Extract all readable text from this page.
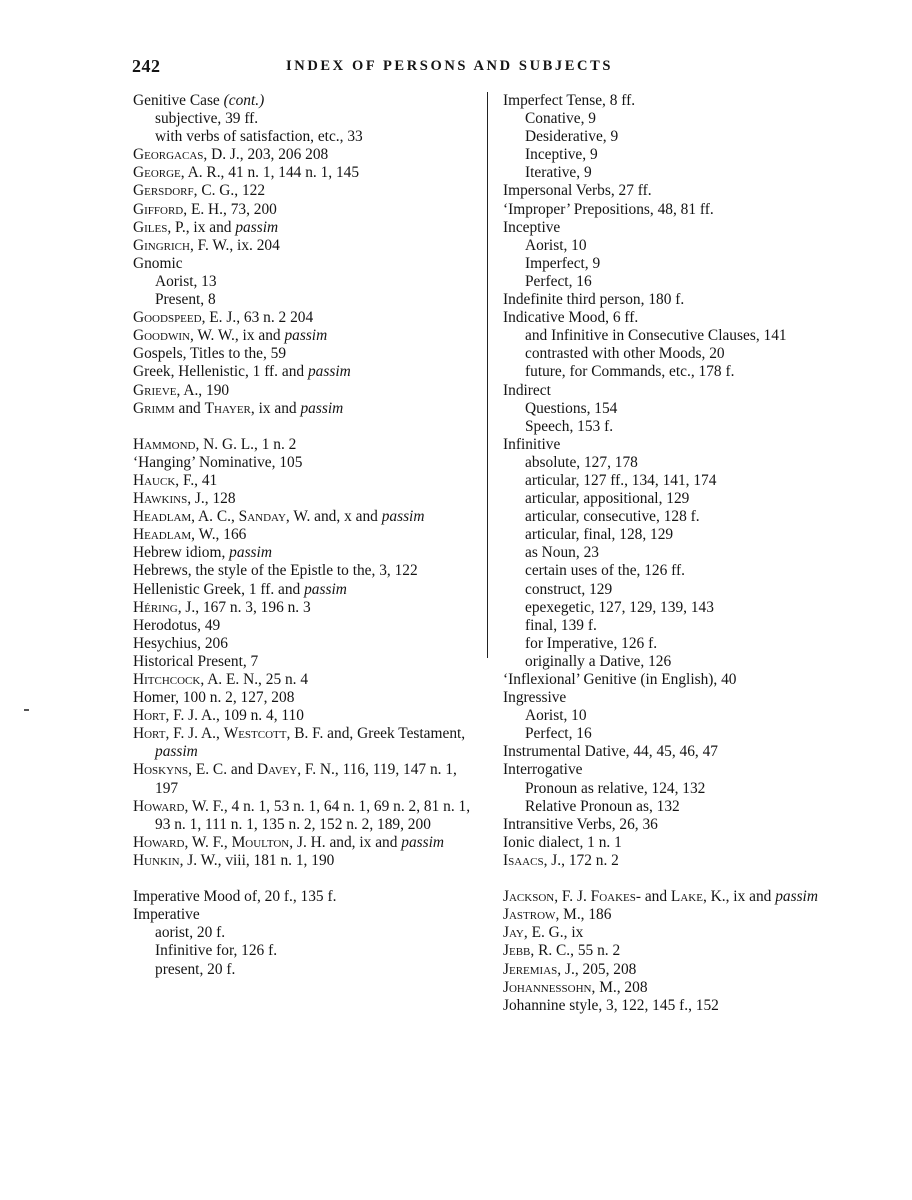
242	INDEX OF PERSONS AND SUBJECTS
Genitive Case (cont.)
subjective, 39 ff.
with verbs of satisfaction, etc., 33
Georgacas, D. J., 203, 206 208
George, A. R., 41 n. 1, 144 n. 1, 145
Gersdorf, C. G., 122
Gifford, E. H., 73, 200
Giles, P., ix and passim
Gingrich, F. W., ix. 204
Gnomic
Aorist, 13
Present, 8
Goodspeed, E. J., 63 n. 2 204
Goodwin, W. W., ix and passim
Gospels, Titles to the, 59
Greek, Hellenistic, 1 ff. and passim
Grieve, A., 190
Grimm and Thayer, ix and passim
Hammond, N. G. L., 1 n. 2
‘Hanging’ Nominative, 105
Hauck, F., 41
Hawkins, J., 128
Headlam, A. C., Sanday, W. and, x and passim
Headlam, W., 166
Hebrew idiom, passim
Hebrews, the style of the Epistle to the, 3, 122
Hellenistic Greek, 1 ff. and passim
Héring, J., 167 n. 3, 196 n. 3
Herodotus, 49
Hesychius, 206
Historical Present, 7
Hitchcock, A. E. N., 25 n. 4
Homer, 100 n. 2, 127, 208
Hort, F. J. A., 109 n. 4, 110
Hort, F. J. A., Westcott, B. F. and, Greek Testament, passim
Hoskyns, E. C. and Davey, F. N., 116, 119, 147 n. 1, 197
Howard, W. F., 4 n. 1, 53 n. 1, 64 n. 1, 69 n. 2, 81 n. 1, 93 n. 1, 111 n. 1, 135 n. 2, 152 n. 2, 189, 200
Howard, W. F., Moulton, J. H. and, ix and passim
Hunkin, J. W., viii, 181 n. 1, 190
Imperative Mood of, 20 f., 135 f.
Imperative
aorist, 20 f.
Infinitive for, 126 f.
present, 20 f.
Imperfect Tense, 8 ff.
Conative, 9
Desiderative, 9
Inceptive, 9
Iterative, 9
Impersonal Verbs, 27 ff.
‘Improper’ Prepositions, 48, 81 ff.
Inceptive
Aorist, 10
Imperfect, 9
Perfect, 16
Indefinite third person, 180 f.
Indicative Mood, 6 ff.
and Infinitive in Consecutive Clauses, 141
contrasted with other Moods, 20
future, for Commands, etc., 178 f.
Indirect
Questions, 154
Speech, 153 f.
Infinitive
absolute, 127, 178
articular, 127 ff., 134, 141, 174
articular, appositional, 129
articular, consecutive, 128 f.
articular, final, 128, 129
as Noun, 23
certain uses of the, 126 ff.
construct, 129
epexegetic, 127, 129, 139, 143
final, 139 f.
for Imperative, 126 f.
originally a Dative, 126
‘Inflexional’ Genitive (in English), 40
Ingressive
Aorist, 10
Perfect, 16
Instrumental Dative, 44, 45, 46, 47
Interrogative
Pronoun as relative, 124, 132
Relative Pronoun as, 132
Intransitive Verbs, 26, 36
Ionic dialect, 1 n. 1
Isaacs, J., 172 n. 2
Jackson, F. J. Foakes- and Lake, K., ix and passim
Jastrow, M., 186
Jay, E. G., ix
Jebb, R. C., 55 n. 2
Jeremias, J., 205, 208
Johannessohn, M., 208
Johannine style, 3, 122, 145 f., 152
